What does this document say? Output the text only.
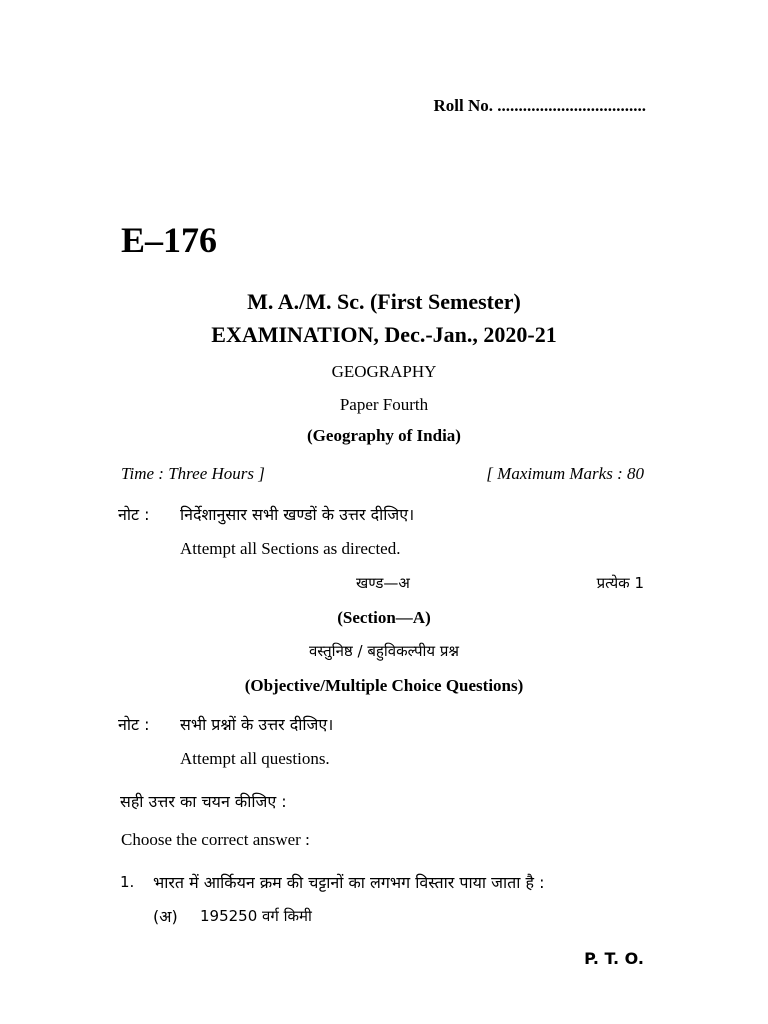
Roll No. ...................................
E–176
M. A./M. Sc. (First Semester)
EXAMINATION, Dec.-Jan., 2020-21
GEOGRAPHY
Paper Fourth
(Geography of India)
Time : Three Hours ]	[ Maximum Marks : 80
नोट : निर्देशानुसार सभी खण्डों के उत्तर दीजिए।
Attempt all Sections as directed.
खण्ड—अ	प्रत्येक 1
(Section—A)
वस्तुनिष्ठ / बहुविकल्पीय प्रश्न
(Objective/Multiple Choice Questions)
नोट : सभी प्रश्नों के उत्तर दीजिए।
Attempt all questions.
सही उत्तर का चयन कीजिए :
Choose the correct answer :
1. भारत में आर्कियन क्रम की चट्टानों का लगभग विस्तार पाया जाता है :
(अ) 195250 वर्ग किमी
P. T. O.
